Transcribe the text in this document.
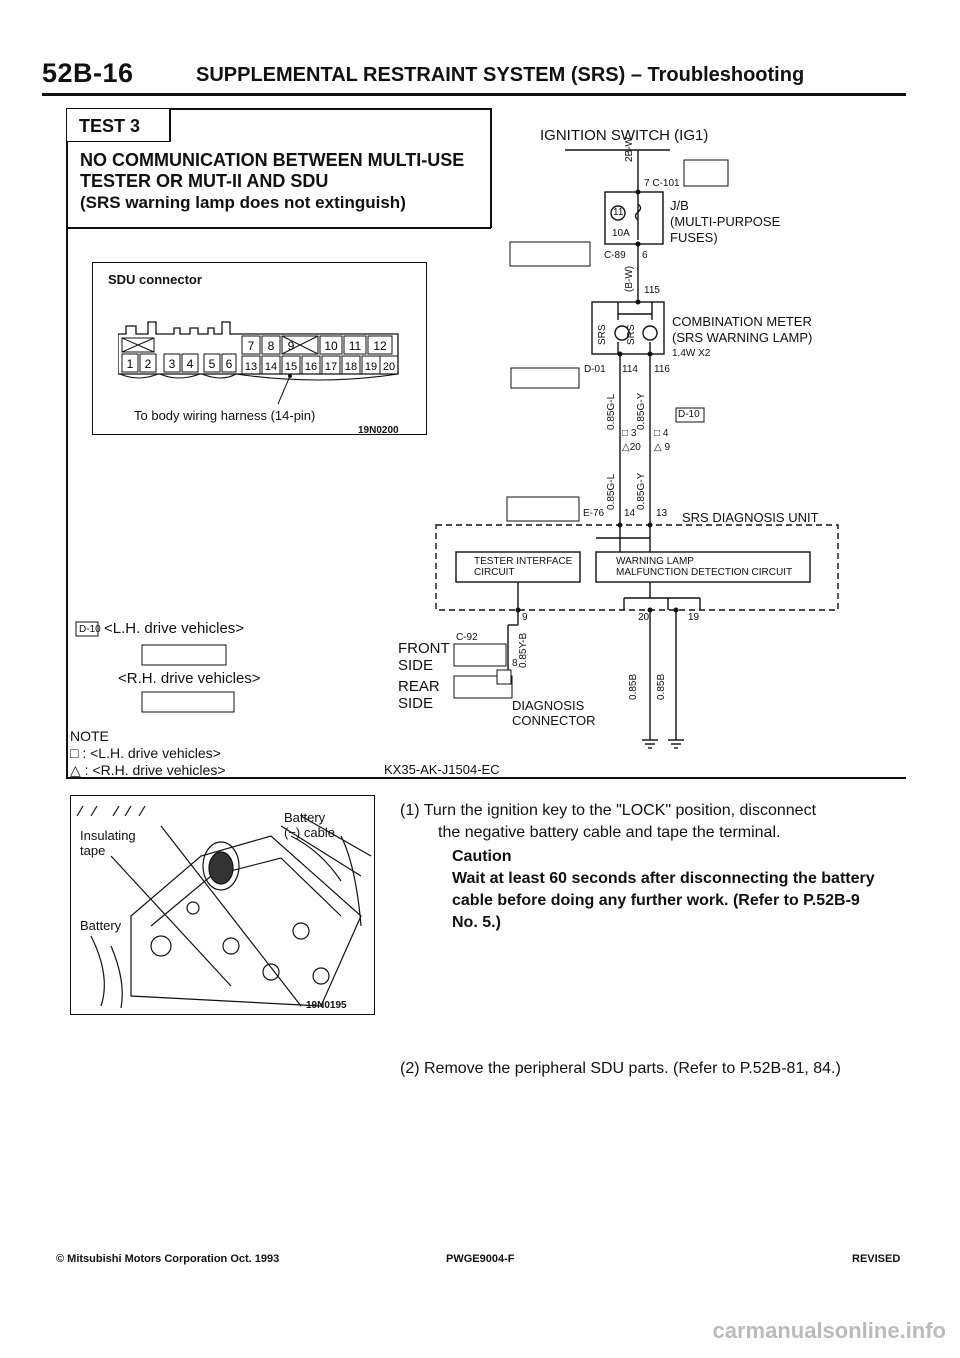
52B-16	SUPPLEMENTAL RESTRAINT SYSTEM (SRS) – Troubleshooting
TEST 3
NO COMMUNICATION BETWEEN MULTI-USE
TESTER OR MUT-II AND SDU
(SRS warning lamp does not extinguish)
SDU connector
1 2 3 4 5 6
7 8 9 10 11 12
13 14 15 16 17 18 19 20
To body wiring harness (14-pin)
19N0200
IGNITION SWITCH (IG1)
2B-W
7 C-101
J/B
(MULTI-PURPOSE
FUSES)
11
10A
C-89 6
(B-W) 115
COMBINATION METER
(SRS WARNING LAMP)
1.4W X2
SRS SRS
D-01 114 116
0.85G-L 0.85G-Y
□ 3 □ 4
△20 △ 9
D-10
0.85G-L 0.85G-Y
E-76 14 13 SRS DIAGNOSIS UNIT
TESTER INTERFACE
CIRCUIT
WARNING LAMP
MALFUNCTION DETECTION CIRCUIT
9	20	19
0.85Y-B
8
0.85B 0.85B
FRONT
SIDE
C-92
REAR
SIDE	DIAGNOSIS
CONNECTOR
D-10 <L.H. drive vehicles>
<R.H. drive vehicles>
KX35-AK-J1504-EC
NOTE
□ : <L.H. drive vehicles>
△ : <R.H. drive vehicles>
Insulating
tape
Battery
Battery
(−) cable
19N0195
(1) Turn the ignition key to the "LOCK" position, disconnect
the negative battery cable and tape the terminal.
Caution
Wait at least 60 seconds after disconnecting the battery
cable before doing any further work. (Refer to P.52B-9
No. 5.)
(2) Remove the peripheral SDU parts. (Refer to P.52B-81, 84.)
© Mitsubishi Motors Corporation Oct. 1993	PWGE9004-F	REVISED
carmanualsonline.info
